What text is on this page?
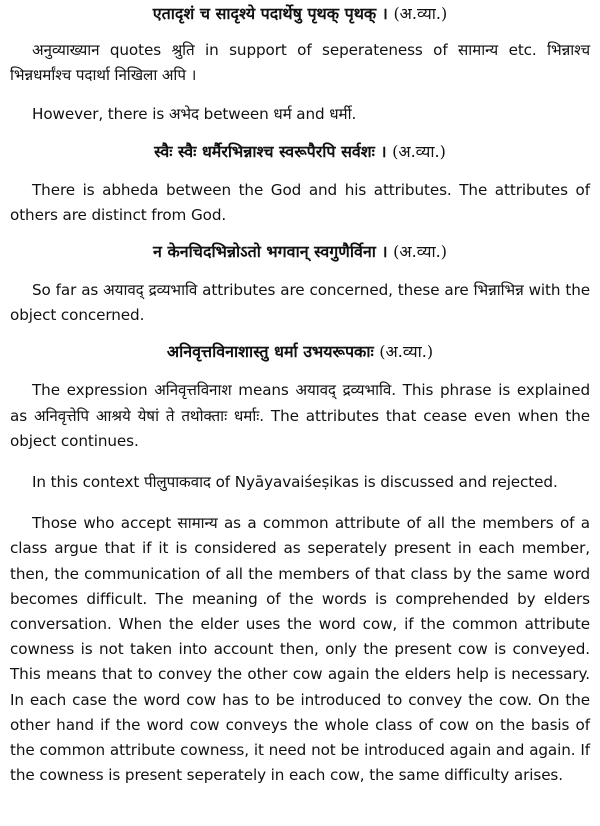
एतादृशं च सादृश्ये पदार्थेषु पृथक् पृथक् । (अ.व्या.)

अनुव्याख्यान quotes श्रुति in support of seperateness of सामान्य etc. भिन्नाश्च भिन्नधर्मांश्च पदार्था निखिला अपि ।

However, there is अभेद between धर्म and धर्मी.

स्वैः स्वैः धर्मैरभिन्नाश्च स्वरूपैरपि सर्वशः । (अ.व्या.)

There is abheda between the God and his attributes. The attributes of others are distinct from God.

न केनचिदभिन्नोऽतो भगवान् स्वगुणैर्विना । (अ.व्या.)

So far as अयावद् द्रव्यभावि attributes are concerned, these are भिन्नाभिन्न with the object concerned.

अनिवृत्तविनाशास्तु धर्मा उभयरूपकाः (अ.व्या.)

The expression अनिवृत्तविनाश means अयावद् द्रव्यभावि. This phrase is explained as अनिवृत्तेपि आश्रये येषां ते तथोक्ताः धर्माः. The attributes that cease even when the object continues.

In this context पीलुपाकवाद of Nyāyavaiśeṣikas is discussed and rejected.

Those who accept सामान्य as a common attribute of all the members of a class argue that if it is considered as seperately present in each member, then, the communication of all the members of that class by the same word becomes difficult. The meaning of the words is comprehended by elders conversation. When the elder uses the word cow, if the common attribute cowness is not taken into account then, only the present cow is conveyed. This means that to convey the other cow again the elders help is necessary. In each case the word cow has to be introduced to convey the cow. On the other hand if the word cow conveys the whole class of cow on the basis of the common attribute cowness, it need not be introduced again and again. If the cowness is present seperately in each cow, the same difficulty arises.
